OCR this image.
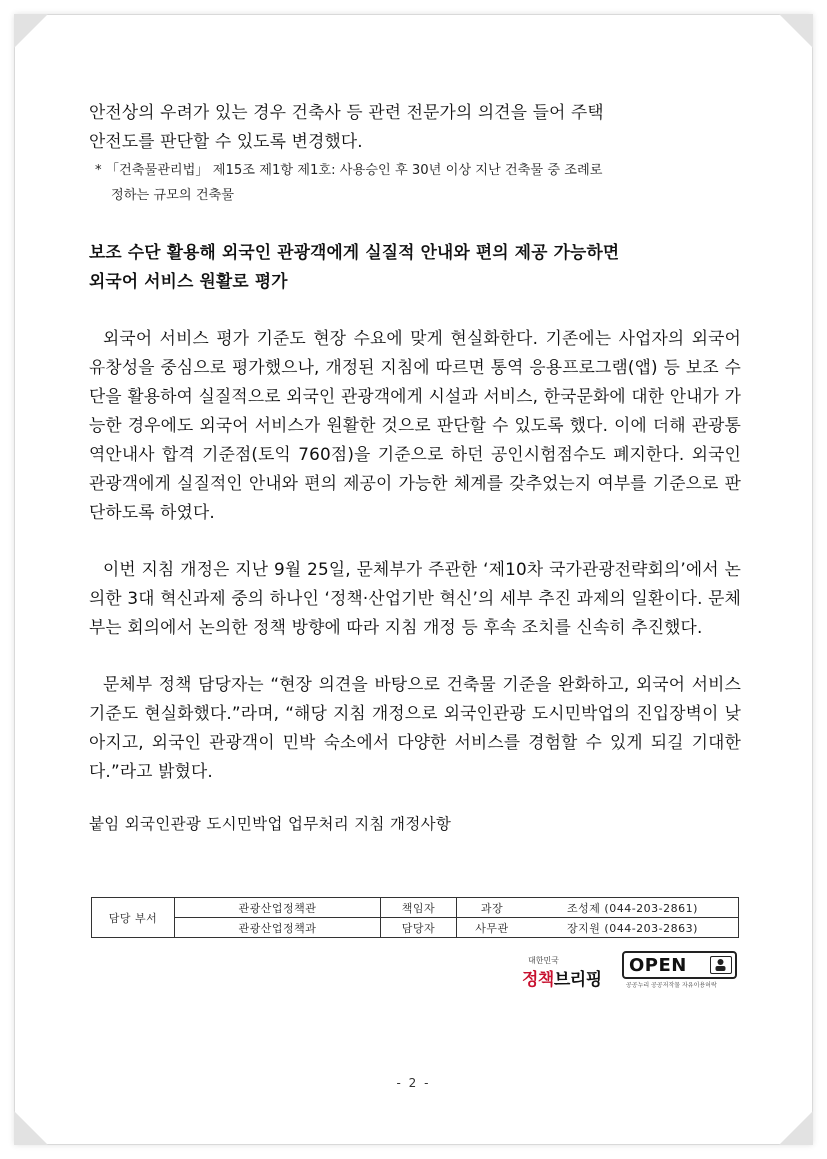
안전상의 우려가 있는 경우 건축사 등 관련 전문가의 의견을 들어 주택
안전도를 판단할 수 있도록 변경했다.

* 「건축물관리법」 제15조 제1항 제1호: 사용승인 후 30년 이상 지난 건축물 중 조례로
정하는 규모의 건축물

보조 수단 활용해 외국인 관광객에게 실질적 안내와 편의 제공 가능하면
외국어 서비스 원활로 평가

외국어 서비스 평가 기준도 현장 수요에 맞게 현실화한다. 기존에는 사업자의 외국어 유창성을 중심으로 평가했으나, 개정된 지침에 따르면 통역 응용프로그램(앱) 등 보조 수단을 활용하여 실질적으로 외국인 관광객에게 시설과 서비스, 한국문화에 대한 안내가 가능한 경우에도 외국어 서비스가 원활한 것으로 판단할 수 있도록 했다. 이에 더해 관광통역안내사 합격 기준점(토익 760점)을 기준으로 하던 공인시험점수도 폐지한다. 외국인 관광객에게 실질적인 안내와 편의 제공이 가능한 체계를 갖추었는지 여부를 기준으로 판단하도록 하였다.

이번 지침 개정은 지난 9월 25일, 문체부가 주관한 ‘제10차 국가관광전략회의’에서 논의한 3대 혁신과제 중의 하나인 ‘정책·산업기반 혁신’의 세부 추진 과제의 일환이다. 문체부는 회의에서 논의한 정책 방향에 따라 지침 개정 등 후속 조치를 신속히 추진했다.

문체부 정책 담당자는 “현장 의견을 바탕으로 건축물 기준을 완화하고, 외국어 서비스 기준도 현실화했다.”라며, “해당 지침 개정으로 외국인관광 도시민박업의 진입장벽이 낮아지고, 외국인 관광객이 민박 숙소에서 다양한 서비스를 경험할 수 있게 되길 기대한다.”라고 밝혔다.

붙임 외국인관광 도시민박업 업무처리 지침 개정사항

담당 부서	관광산업정책관	책임자	과장	조성제 (044-203-2861)
	관광산업정책과	담당자	사무관	장지원 (044-203-2863)
대한민국
정책브리핑
OPEN
공공누리 공공저작물 자유이용허락
- 2 -
